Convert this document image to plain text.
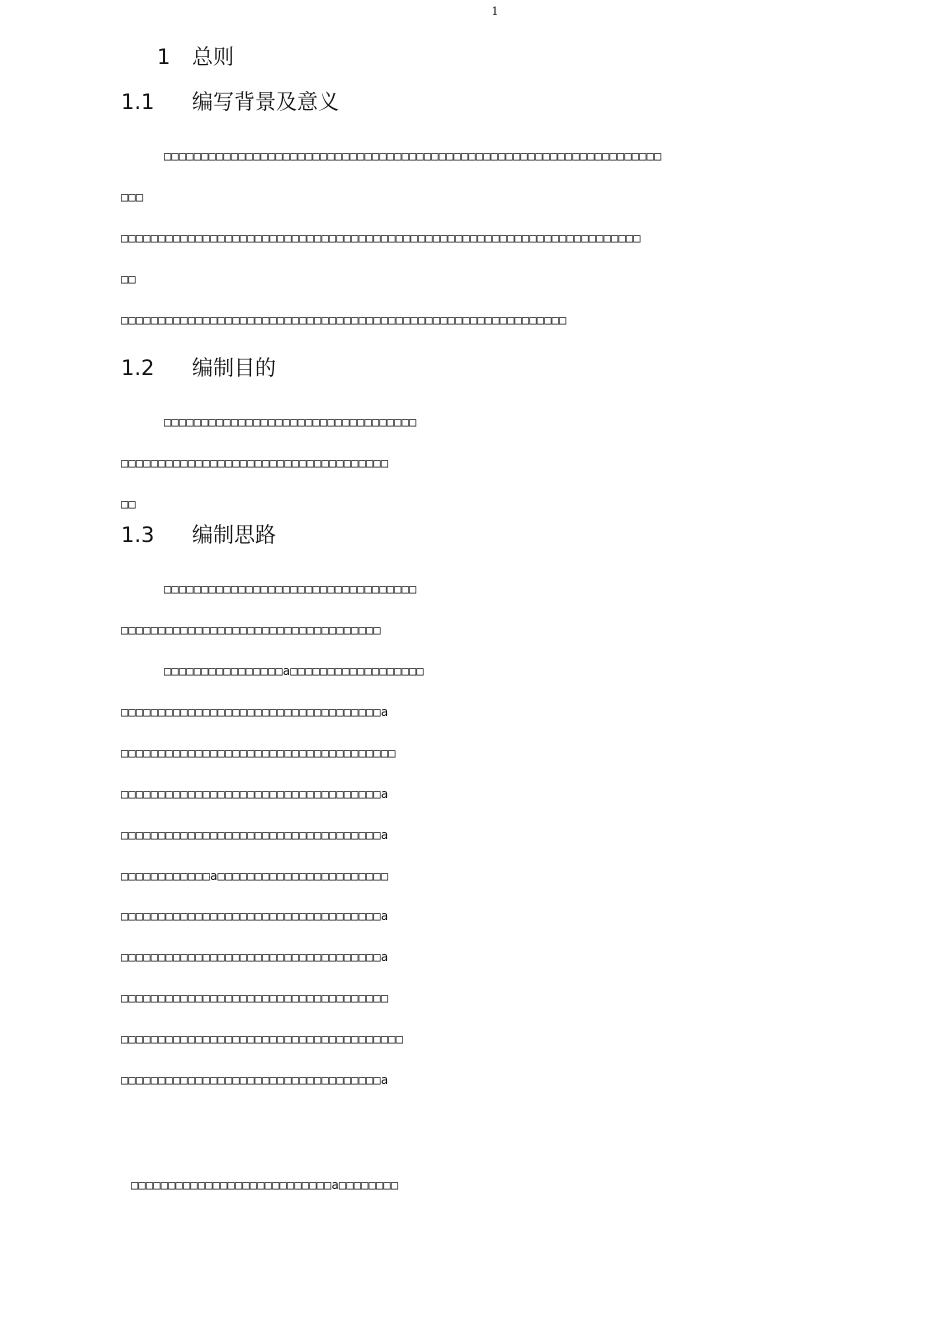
1
1 总则
1.1 编写背景及意义
□□□□□□□□□□□□□□□□□□□□□□□□□□□□□□□□□□□□□□□□□□□□□□□□□□□□□□□□□□□□□□□□□□□
□□□
□□□□□□□□□□□□□□□□□□□□□□□□□□□□□□□□□□□□□□□□□□□□□□□□□□□□□□□□□□□□□□□□□□□□□□
□□
□□□□□□□□□□□□□□□□□□□□□□□□□□□□□□□□□□□□□□□□□□□□□□□□□□□□□□□□□□□□
1.2 编制目的
□□□□□□□□□□□□□□□□□□□□□□□□□□□□□□□□□□
□□□□□□□□□□□□□□□□□□□□□□□□□□□□□□□□□□□□
□□
1.3 编制思路
□□□□□□□□□□□□□□□□□□□□□□□□□□□□□□□□□□
□□□□□□□□□□□□□□□□□□□□□□□□□□□□□□□□□□□
□□□□□□□□□□□□□□□□a□□□□□□□□□□□□□□□□□□
□□□□□□□□□□□□□□□□□□□□□□□□□□□□□□□□□□□a
□□□□□□□□□□□□□□□□□□□□□□□□□□□□□□□□□□□□□
□□□□□□□□□□□□□□□□□□□□□□□□□□□□□□□□□□□a
□□□□□□□□□□□□□□□□□□□□□□□□□□□□□□□□□□□a
□□□□□□□□□□□□a□□□□□□□□□□□□□□□□□□□□□□□
□□□□□□□□□□□□□□□□□□□□□□□□□□□□□□□□□□□a
□□□□□□□□□□□□□□□□□□□□□□□□□□□□□□□□□□□a
□□□□□□□□□□□□□□□□□□□□□□□□□□□□□□□□□□□□
□□□□□□□□□□□□□□□□□□□□□□□□□□□□□□□□□□□□□□
□□□□□□□□□□□□□□□□□□□□□□□□□□□□□□□□□□□a
□□□□□□□□□□□□□□□□□□□□□□□□□□□a□□□□□□□□
